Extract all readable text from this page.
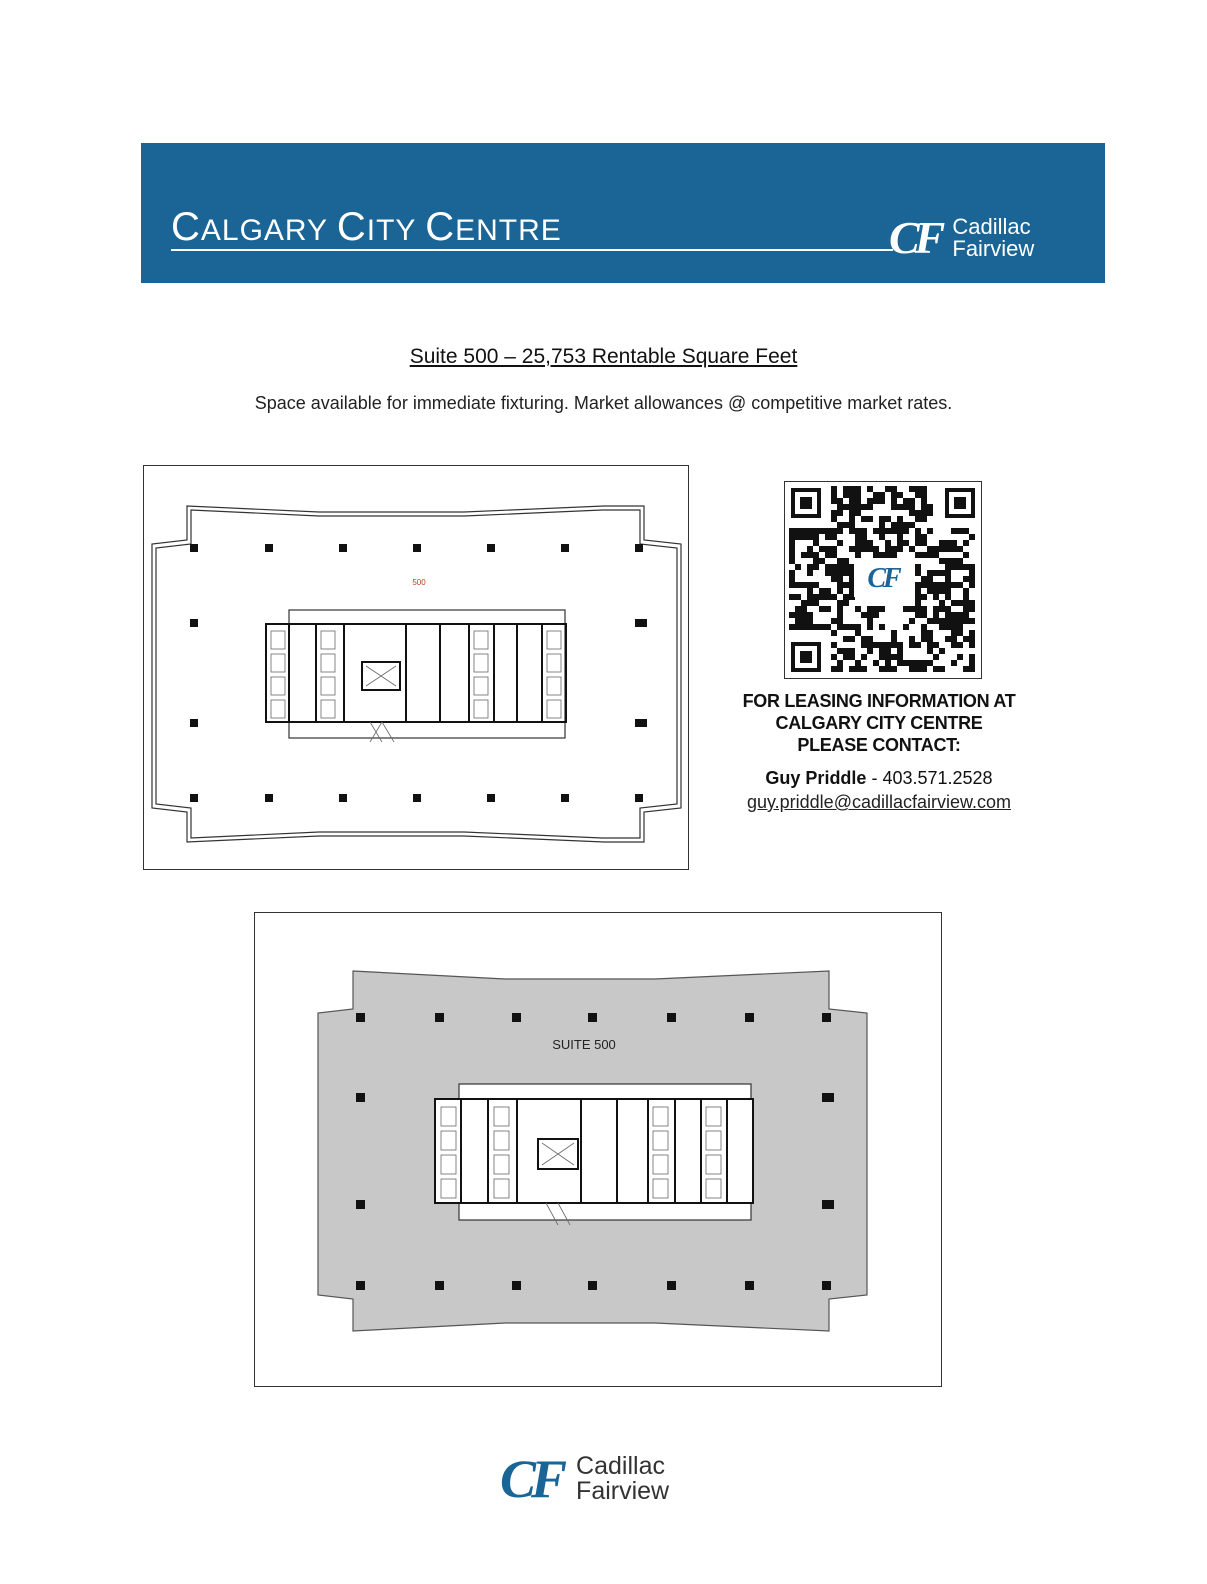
CALGARY CITY CENTRE	CF Cadillac
Fairview
Suite 500 – 25,753 Rentable Square Feet
Space available for immediate fixturing. Market allowances @ competitive market rates.
500	CF
FOR LEASING INFORMATION AT
CALGARY CITY CENTRE
PLEASE CONTACT:
Guy Priddle - 403.571.2528
guy.priddle@cadillacfairview.com
SUITE 500
CF Cadillac
Fairview
